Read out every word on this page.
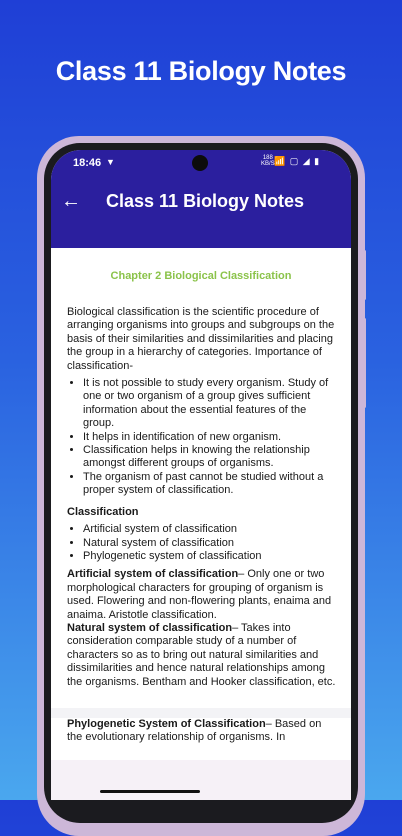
Class 11 Biology Notes
18:46 ▼	188
KB/S 📶 ▢ ◢ ▮
← Class 11 Biology Notes
Chapter 2 Biological Classification

Biological classification is the scientific procedure of arranging organisms into groups and subgroups on the basis of their similarities and dissimilarities and placing the group in a hierarchy of categories. Importance of classification-

• It is not possible to study every organism. Study of one or two organism of a group gives sufficient information about the essential features of the group.
• It helps in identification of new organism.
• Classification helps in knowing the relationship amongst different groups of organisms.
• The organism of past cannot be studied without a proper system of classification.
Classification
• Artificial system of classification
• Natural system of classification
• Phylogenetic system of classification

Artificial system of classification– Only one or two morphological characters for grouping of organism is used. Flowering and non-flowering plants, enaima and anaima. Aristotle classification.

Natural system of classification– Takes into consideration comparable study of a number of characters so as to bring out natural similarities and dissimilarities and hence natural relationships among the organisms. Bentham and Hooker classification, etc.

Phylogenetic System of Classification– Based on the evolutionary relationship of organisms. In
